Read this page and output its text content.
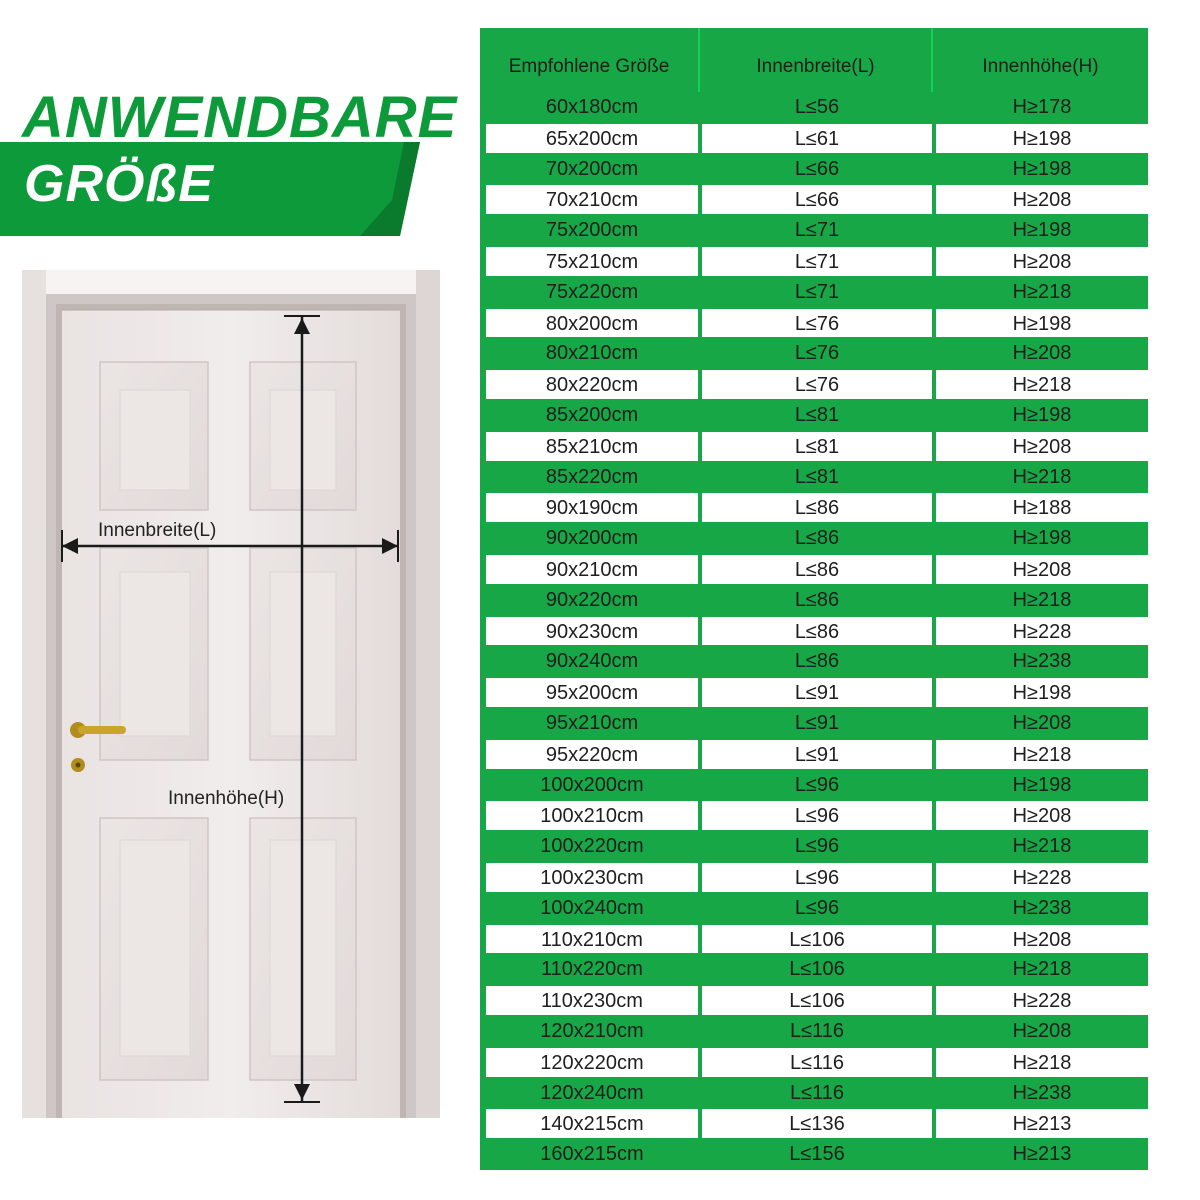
ANWENDBARE
GRÖßE
Innenbreite(L)
Innenhöhe(H)
Empfohlene Größe	Innenbreite(L)	Innenhöhe(H)
60x180cm	L≤56	H≥178
65x200cm	L≤61	H≥198
70x200cm	L≤66	H≥198
70x210cm	L≤66	H≥208
75x200cm	L≤71	H≥198
75x210cm	L≤71	H≥208
75x220cm	L≤71	H≥218
80x200cm	L≤76	H≥198
80x210cm	L≤76	H≥208
80x220cm	L≤76	H≥218
85x200cm	L≤81	H≥198
85x210cm	L≤81	H≥208
85x220cm	L≤81	H≥218
90x190cm	L≤86	H≥188
90x200cm	L≤86	H≥198
90x210cm	L≤86	H≥208
90x220cm	L≤86	H≥218
90x230cm	L≤86	H≥228
90x240cm	L≤86	H≥238
95x200cm	L≤91	H≥198
95x210cm	L≤91	H≥208
95x220cm	L≤91	H≥218
100x200cm	L≤96	H≥198
100x210cm	L≤96	H≥208
100x220cm	L≤96	H≥218
100x230cm	L≤96	H≥228
100x240cm	L≤96	H≥238
110x210cm	L≤106	H≥208
110x220cm	L≤106	H≥218
110x230cm	L≤106	H≥228
120x210cm	L≤116	H≥208
120x220cm	L≤116	H≥218
120x240cm	L≤116	H≥238
140x215cm	L≤136	H≥213
160x215cm	L≤156	H≥213
